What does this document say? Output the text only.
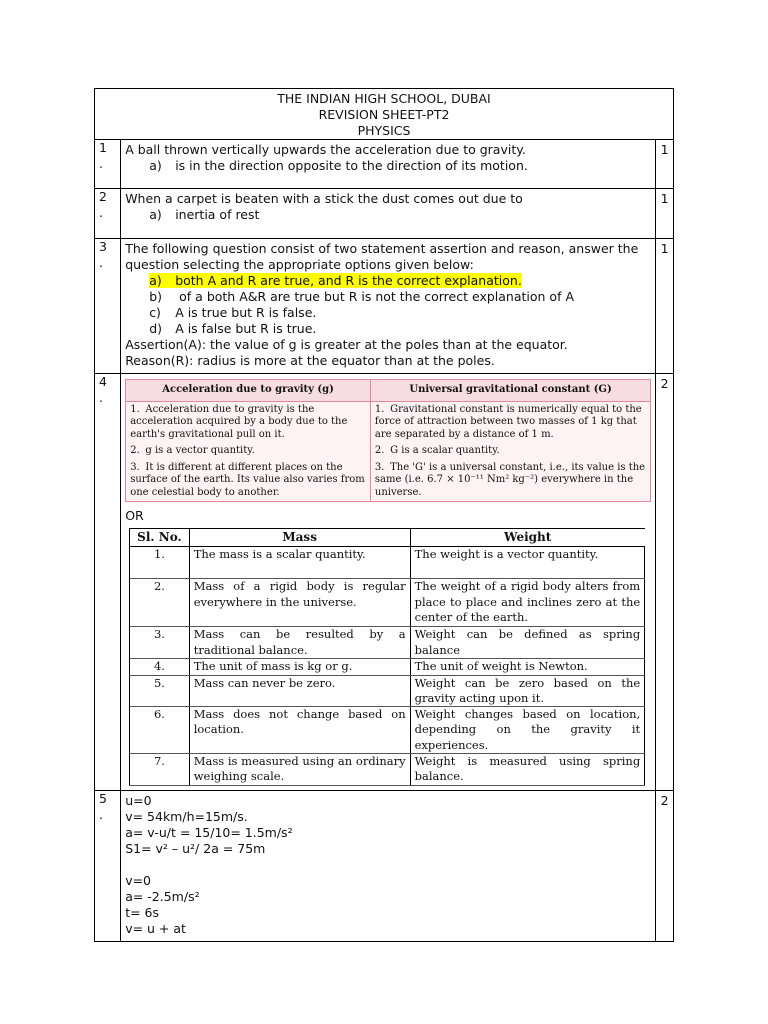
THE INDIAN HIGH SCHOOL, DUBAI
REVISION SHEET-PT2
PHYSICS

1
.

A ball thrown vertically upwards the acceleration due to gravity.
a) is in the direction opposite to the direction of its motion.
	1

2
.

When a carpet is beaten with a stick the dust comes out due to
a) inertia of rest
	1

3
.

The following question consist of two statement assertion and reason, answer the
question selecting the appropriate options given below:
a) both A and R are true, and R is the correct explanation.
b) of a both A&R are true but R is not the correct explanation of A
c) A is true but R is false.
d) A is false but R is true.
Assertion(A): the value of g is greater at the poles than at the equator.
Reason(R): radius is more at the equator than at the poles.
	1

4
.

Acceleration due to gravity (g)	Universal gravitational constant (G)
1. Acceleration due to gravity is the acceleration acquired by a body due to the earth's gravitational pull on it.	1. Gravitational constant is numerically equal to the force of attraction between two masses of 1 kg that are separated by a distance of 1 m.
2. g is a vector quantity.	2. G is a scalar quantity.
3. It is different at different places on the surface of the earth. Its value also varies from one celestial body to another.	3. The 'G' is a universal constant, i.e., its value is the same (i.e. 6.7 × 10⁻¹¹ Nm² kg⁻²) everywhere in the universe.
OR
Sl. No.	Mass	Weight
1.	The mass is a scalar quantity.	The weight is a vector quantity.
2.	Mass of a rigid body is regular everywhere in the universe.	The weight of a rigid body alters from place to place and inclines zero at the center of the earth.
3.	Mass can be resulted by a traditional balance.	Weight can be defined as spring balance
4.	The unit of mass is kg or g.	The unit of weight is Newton.
5.	Mass can never be zero.	Weight can be zero based on the gravity acting upon it.
6.	Mass does not change based on location.	Weight changes based on location, depending on the gravity it experiences.
7.	Mass is measured using an ordinary weighing scale.	Weight is measured using spring balance.
	2

5
.

u=0
v= 54km/h=15m/s.
a= v-u/t = 15/10= 1.5m/s²
S1= v² – u²/ 2a = 75m
v=0
a= -2.5m/s²
t= 6s
v= u + at
	2
